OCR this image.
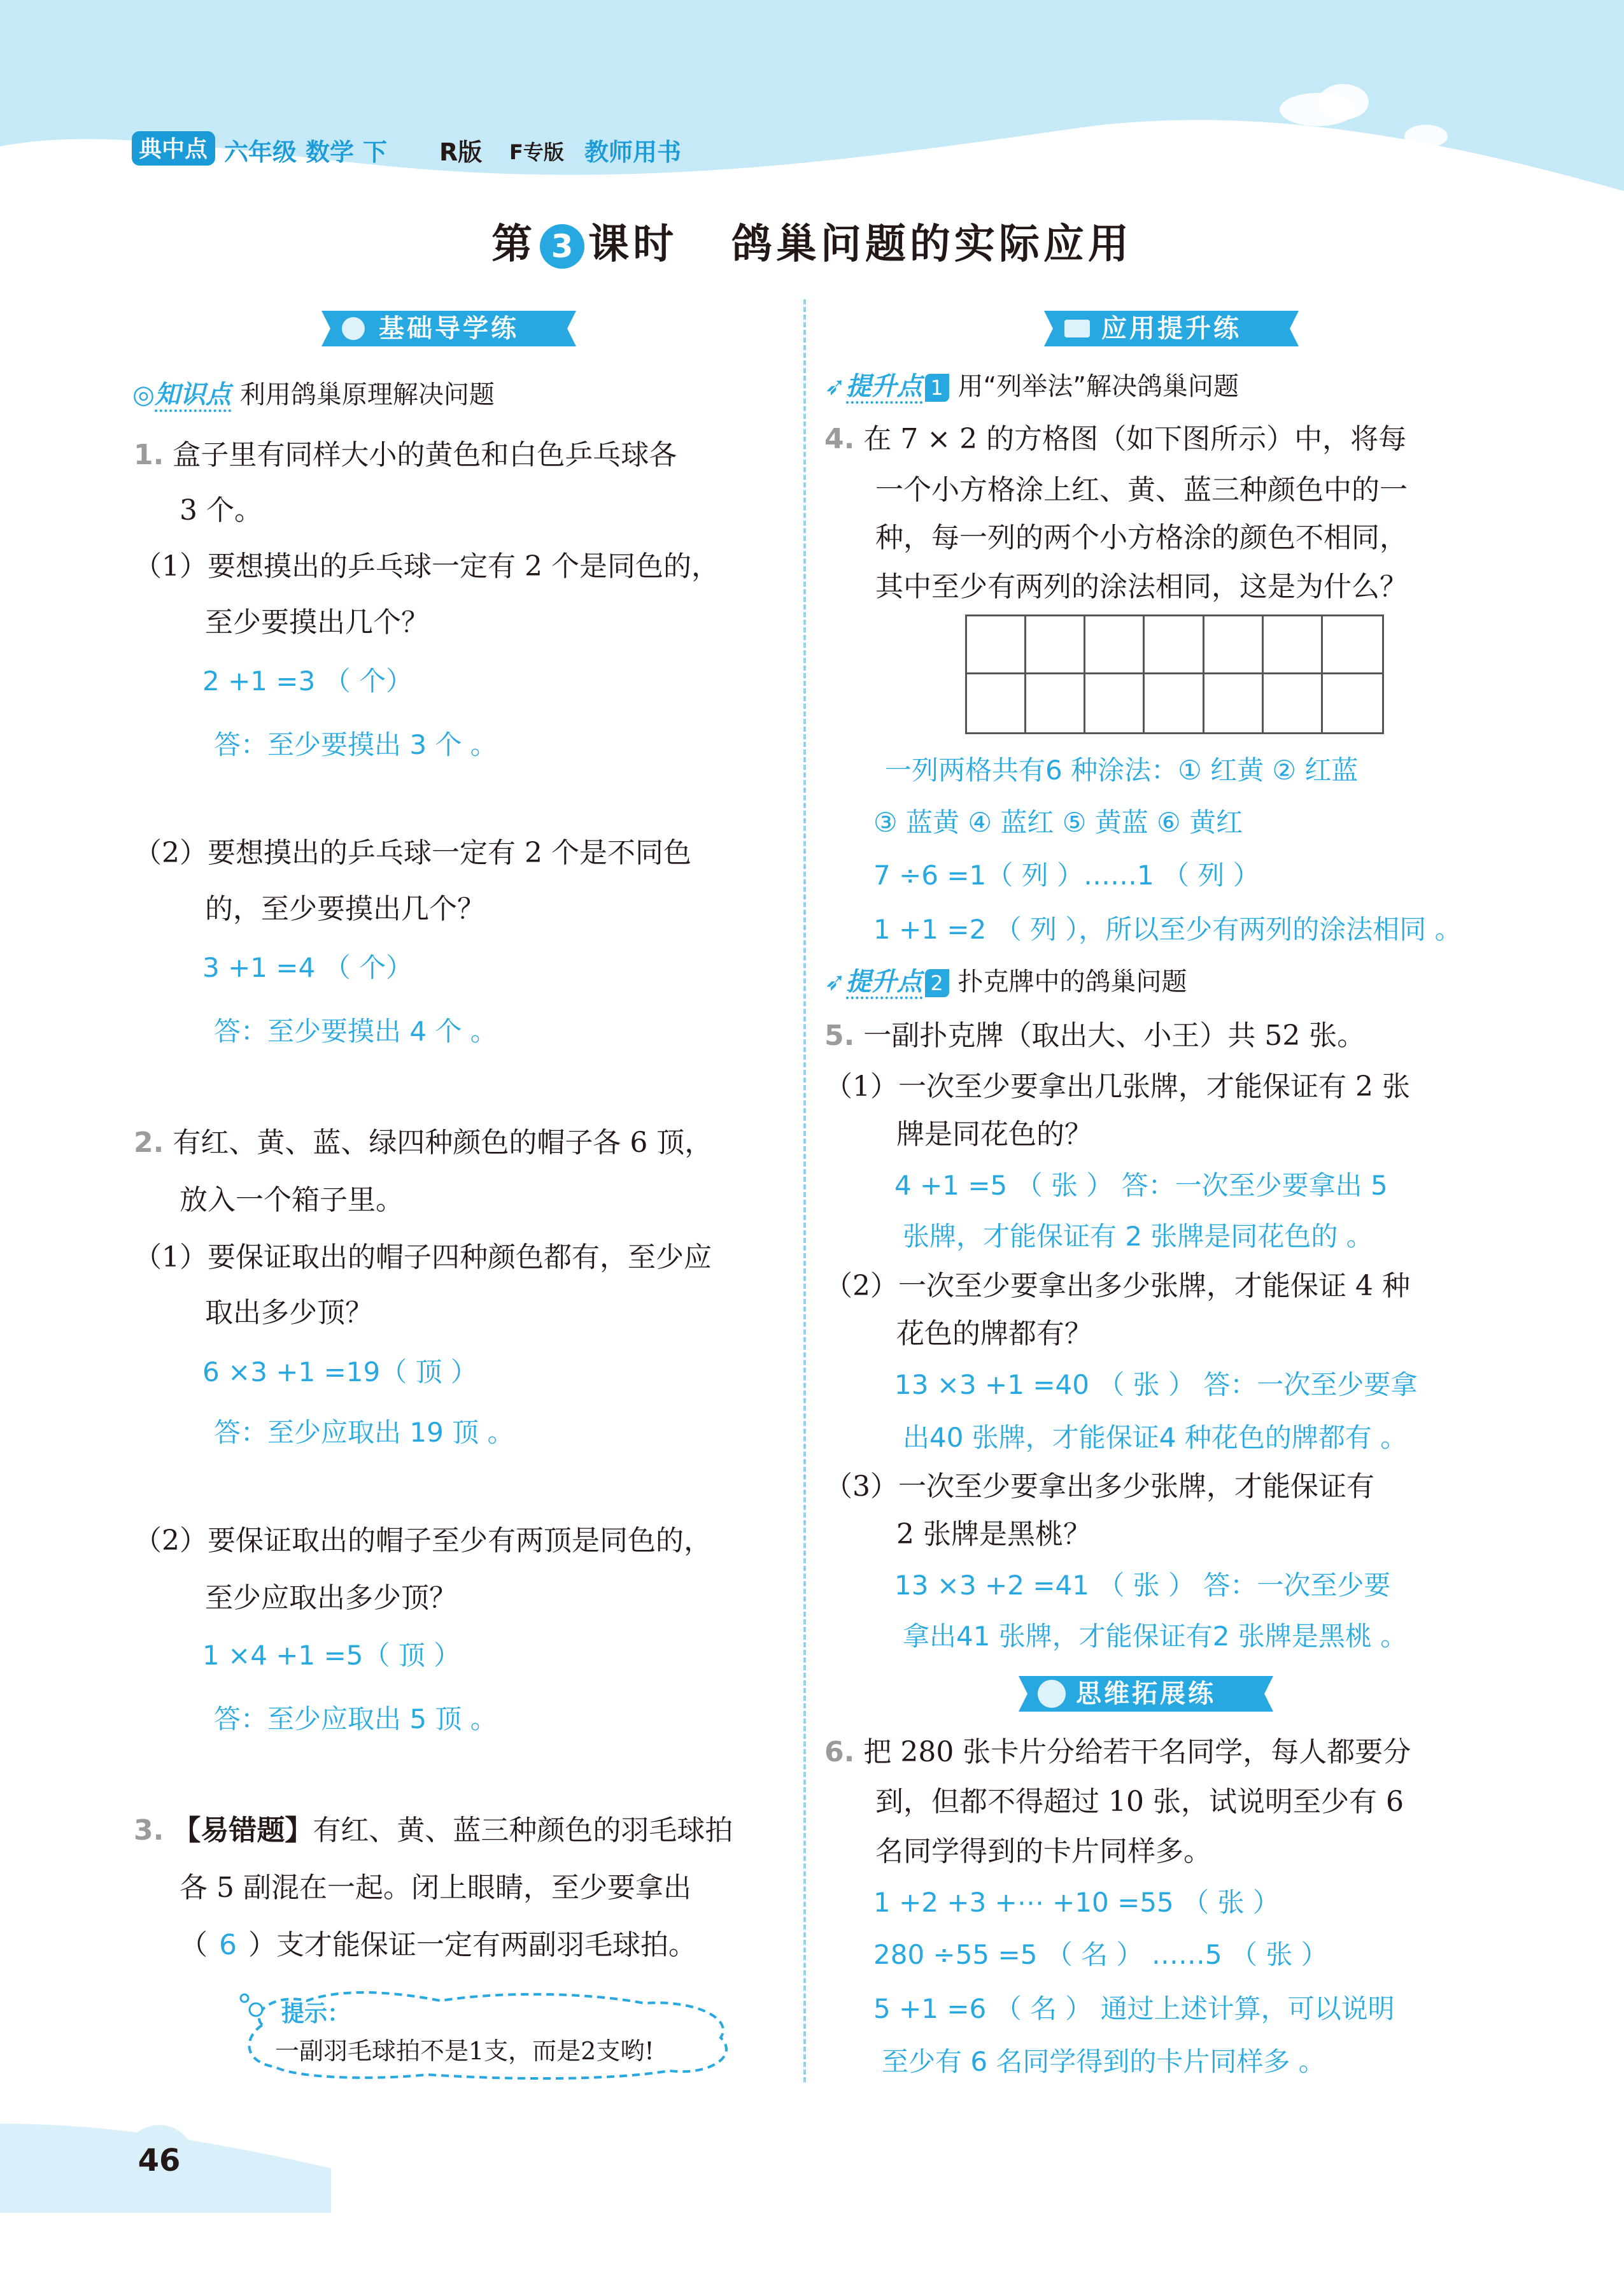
典中点 六年级 数学 下 R版 F专版 教师用书
第 3 课时 鸽巢问题的实际应用
基础导学练
◎知识点 利用鸽巢原理解决问题
1. 盒子里有同样大小的黄色和白色乒乓球各
3 个。
（1）要想摸出的乒乓球一定有 2 个是同色的，
至少要摸出几个？
2 +1 =3 （ 个）
答：至少要摸出 3 个 。
（2）要想摸出的乒乓球一定有 2 个是不同色
的，至少要摸出几个？
3 +1 =4 （ 个）
答：至少要摸出 4 个 。
2. 有红、黄、蓝、绿四种颜色的帽子各 6 顶，
放入一个箱子里。
（1）要保证取出的帽子四种颜色都有，至少应
取出多少顶？
6 ×3 +1 =19（ 顶 ）
答：至少应取出 19 顶 。
（2）要保证取出的帽子至少有两顶是同色的，
至少应取出多少顶？
1 ×4 +1 =5（ 顶 ）
答：至少应取出 5 顶 。
3. 【易错题】有红、黄、蓝三种颜色的羽毛球拍
各 5 副混在一起。闭上眼睛，至少要拿出
（ 6 ）支才能保证一定有两副羽毛球拍。
提示：
一副羽毛球拍不是1支，而是2支哟!
应用提升练
➶提升点 1 用“列举法”解决鸽巢问题
4. 在 7 × 2 的方格图（如下图所示）中，将每
一个小方格涂上红、黄、蓝三种颜色中的一
种，每一列的两个小方格涂的颜色不相同，
其中至少有两列的涂法相同，这是为什么？
一列两格共有6 种涂法：① 红黄 ② 红蓝
③ 蓝黄 ④ 蓝红 ⑤ 黄蓝 ⑥ 黄红
7 ÷6 =1（ 列 ）……1 （ 列 ）
1 +1 =2 （ 列 ），所以至少有两列的涂法相同 。
➶提升点 2 扑克牌中的鸽巢问题
5. 一副扑克牌（取出大、小王）共 52 张。
（1）一次至少要拿出几张牌，才能保证有 2 张
牌是同花色的？
4 +1 =5 （ 张 ） 答：一次至少要拿出 5
张牌，才能保证有 2 张牌是同花色的 。
（2）一次至少要拿出多少张牌，才能保证 4 种
花色的牌都有？
13 ×3 +1 =40 （ 张 ） 答：一次至少要拿
出40 张牌，才能保证4 种花色的牌都有 。
（3）一次至少要拿出多少张牌，才能保证有
2 张牌是黑桃？
13 ×3 +2 =41 （ 张 ） 答：一次至少要
拿出41 张牌，才能保证有2 张牌是黑桃 。
思维拓展练
6. 把 280 张卡片分给若干名同学，每人都要分
到，但都不得超过 10 张，试说明至少有 6
名同学得到的卡片同样多。
1 +2 +3 +⋯ +10 =55 （ 张 ）
280 ÷55 =5 （ 名 ） ……5 （ 张 ）
5 +1 =6 （ 名 ） 通过上述计算，可以说明
至少有 6 名同学得到的卡片同样多 。
46
